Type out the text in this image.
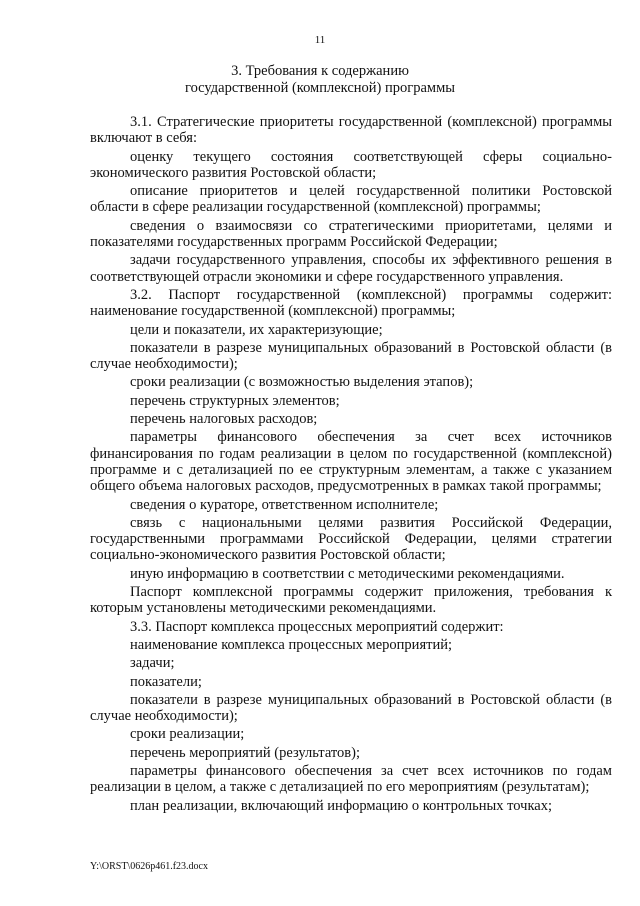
11
3. Требования к содержанию
государственной (комплексной) программы

3.1. Стратегические приоритеты государственной (комплексной) программы включают в себя:

оценку текущего состояния соответствующей сферы социально-экономического развития Ростовской области;

описание приоритетов и целей государственной политики Ростовской области в сфере реализации государственной (комплексной) программы;

сведения о взаимосвязи со стратегическими приоритетами, целями и показателями государственных программ Российской Федерации;

задачи государственного управления, способы их эффективного решения в соответствующей отрасли экономики и сфере государственного управления.

3.2. Паспорт государственной (комплексной) программы содержит: наименование государственной (комплексной) программы;

цели и показатели, их характеризующие;

показатели в разрезе муниципальных образований в Ростовской области (в случае необходимости);

сроки реализации (с возможностью выделения этапов);

перечень структурных элементов;

перечень налоговых расходов;

параметры финансового обеспечения за счет всех источников финансирования по годам реализации в целом по государственной (комплексной) программе и с детализацией по ее структурным элементам, а также с указанием общего объема налоговых расходов, предусмотренных в рамках такой программы;

сведения о кураторе, ответственном исполнителе;

связь с национальными целями развития Российской Федерации, государственными программами Российской Федерации, целями стратегии социально-экономического развития Ростовской области;

иную информацию в соответствии с методическими рекомендациями.

Паспорт комплексной программы содержит приложения, требования к которым установлены методическими рекомендациями.

3.3. Паспорт комплекса процессных мероприятий содержит:

наименование комплекса процессных мероприятий;

задачи;

показатели;

показатели в разрезе муниципальных образований в Ростовской области (в случае необходимости);

сроки реализации;

перечень мероприятий (результатов);

параметры финансового обеспечения за счет всех источников по годам реализации в целом, а также с детализацией по его мероприятиям (результатам);

план реализации, включающий информацию о контрольных точках;

Y:\ORST\0626p461.f23.docx
